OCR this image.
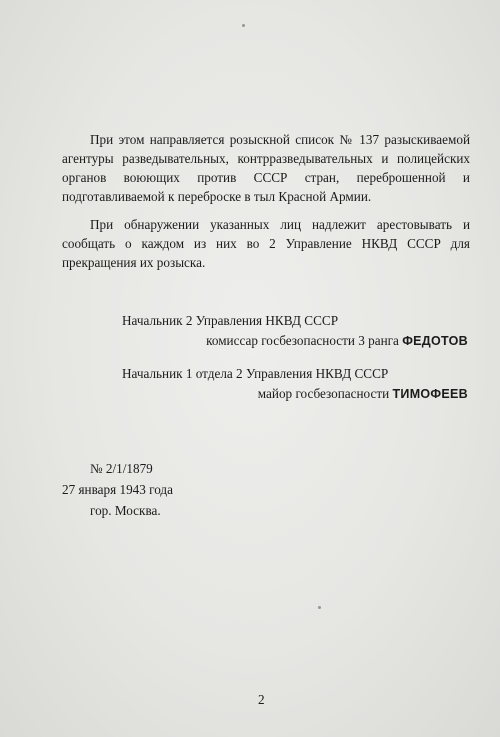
При этом направляется розыскной список № 137 разыскиваемой агентуры разведывательных, контрразведывательных и полицейских органов воюющих против СССР стран, переброшенной и подготавливаемой к переброске в тыл Красной Армии.

При обнаружении указанных лиц надлежит арестовывать и сообщать о каждом из них во 2 Управление НКВД СССР для прекращения их розыска.

Начальник 2 Управления НКВД СССР

комиссар госбезопасности 3 ранга ФЕДОТОВ

Начальник 1 отдела 2 Управления НКВД СССР

майор госбезопасности ТИМОФЕЕВ

№ 2/1/1879

27 января 1943 года

гор. Москва.

2
